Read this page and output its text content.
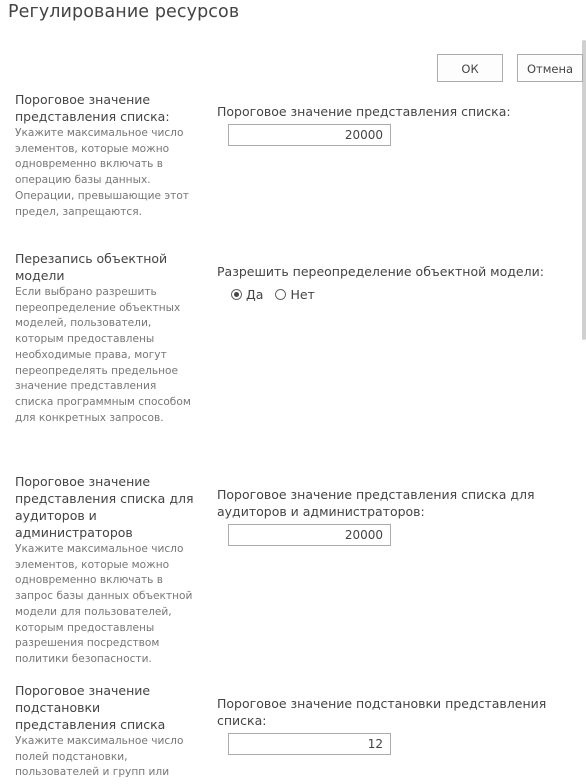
Регулирование ресурсов
ОК	Отмена
Пороговое значение представления списка:
Укажите максимальное число элементов, которые можно одновременно включать в операцию базы данных. Операции, превышающие этот предел, запрещаются.
Пороговое значение представления списка:
20000
Перезапись объектной модели
Если выбрано разрешить переопределение объектных моделей, пользователи, которым предоставлены необходимые права, могут переопределять предельное значение представления списка программным способом для конкретных запросов.
Разрешить переопределение объектной модели:
Да Нет
Пороговое значение представления списка для аудиторов и администраторов
Укажите максимальное число элементов, которые можно одновременно включать в запрос базы данных объектной модели для пользователей, которым предоставлены разрешения посредством политики безопасности.
Пороговое значение представления списка для аудиторов и администраторов:
20000
Пороговое значение подстановки представления списка
Укажите максимальное число полей подстановки, пользователей и групп или
Пороговое значение подстановки представления списка:
12
